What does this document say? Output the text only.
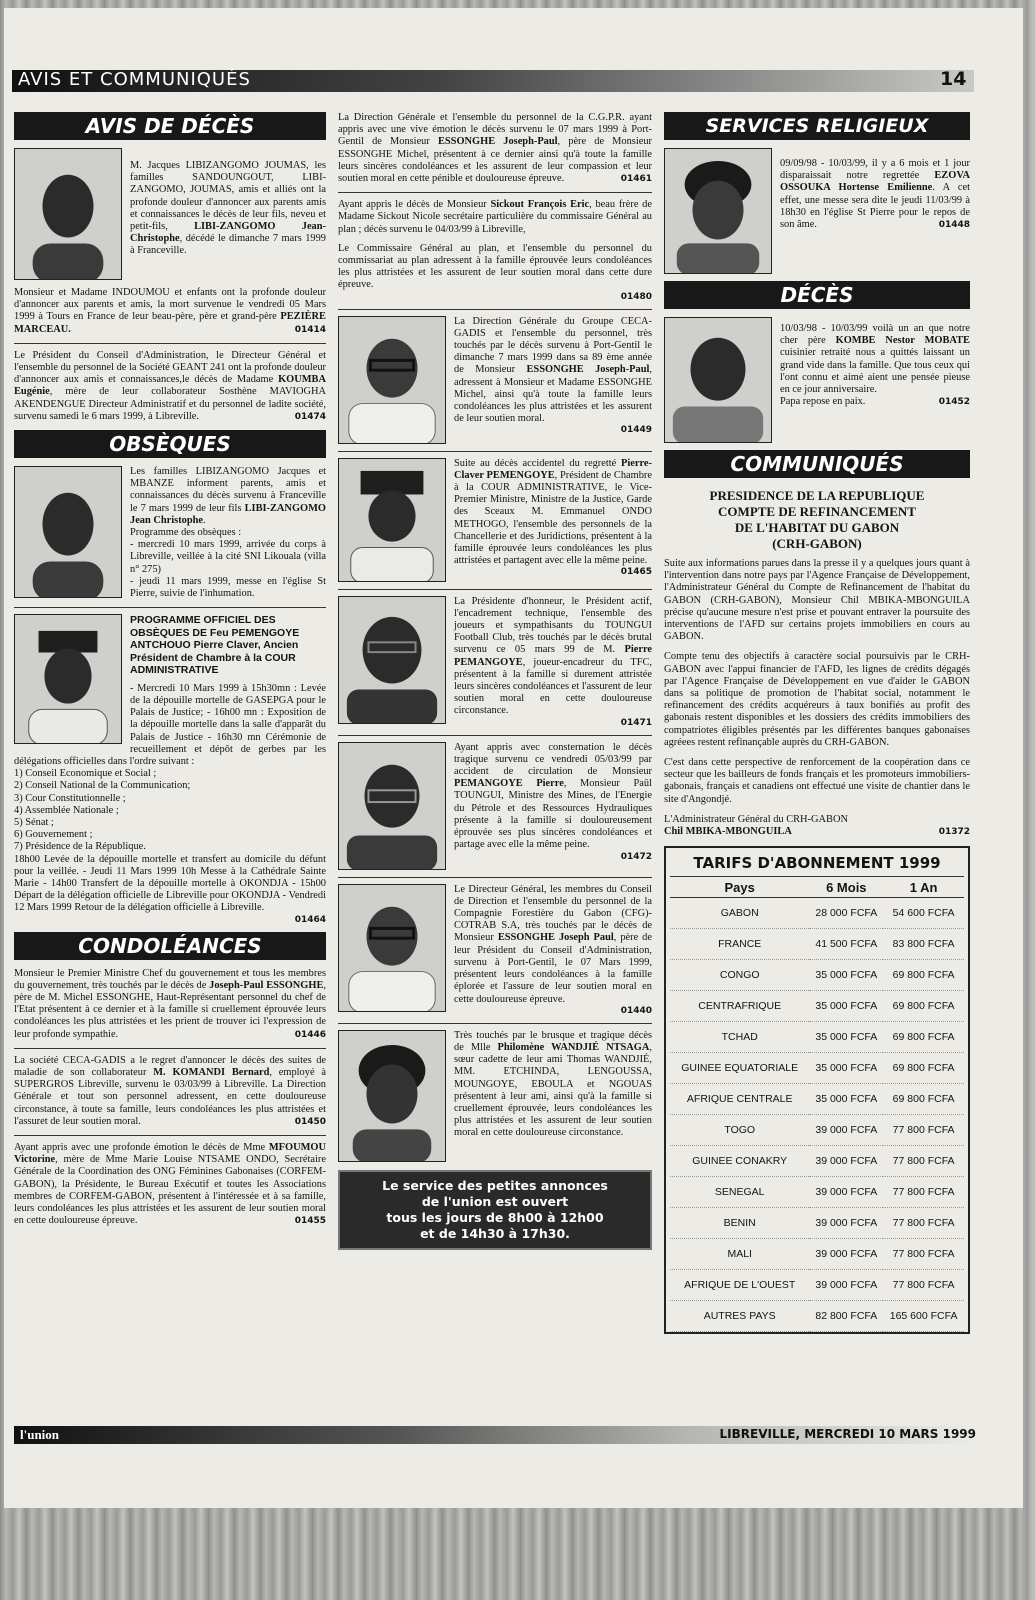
AVIS ET COMMUNIQUÉS	14
AVIS DE DÉCÈS

M. Jacques LIBIZANGOMO JOUMAS, les familles SANDOUNGOUT, LIBI-ZANGOMO, JOUMAS, amis et alliés ont la profonde douleur d'annoncer aux parents amis et connaissances le décès de leur fils, neveu et petit-fils, LIBI-ZANGOMO Jean-Christophe, décédé le dimanche 7 mars 1999 à Franceville.

Monsieur et Madame INDOUMOU et enfants ont la profonde douleur d'annoncer aux parents et amis, la mort survenue le vendredi 05 Mars 1999 à Tours en France de leur beau-père, père et grand-père PEZIÈRE MARCEAU.	01414

Le Président du Conseil d'Administration, le Directeur Général et l'ensemble du personnel de la Société GEANT 241 ont la profonde douleur d'annoncer aux amis et connaissances,le décès de Madame KOUMBA Eugénie, mère de leur collaborateur Sosthène MAVIOGHA AKENDENGUE Directeur Administratif et du personnel de ladite société, survenu samedi le 6 mars 1999, à Libreville.	01474

OBSÈQUES

Les familles LIBIZANGOMO Jacques et MBANZE informent parents, amis et connaissances du décès survenu à Franceville le 7 mars 1999 de leur fils LIBI-ZANGOMO Jean Christophe.

Programme des obsèques :

- mercredi 10 mars 1999, arrivée du corps à Libreville, veillée à la cité SNI Likouala (villa n° 275)

- jeudi 11 mars 1999, messe en l'église St Pierre, suivie de l'inhumation.

PROGRAMME OFFICIEL DES OBSÈQUES DE Feu PEMENGOYE ANTCHOUO Pierre Claver, Ancien Président de Chambre à la COUR ADMINISTRATIVE

- Mercredi 10 Mars 1999 à 15h30mn : Levée de la dépouille mortelle de GASEPGA pour le Palais de Justice; - 16h00 mn : Exposition de la dépouille mortelle dans la salle d'apparât du Palais de Justice - 16h30 mn Cérémonie de recueillement et dépôt de gerbes par les délégations officielles dans l'ordre suivant :

1) Conseil Economique et Social ;

2) Conseil National de la Communication;

3) Cour Constitutionnelle ;

4) Assemblée Nationale ;

5) Sénat ;

6) Gouvernement ;

7) Présidence de la République.

18h00 Levée de la dépouille mortelle et transfert au domicile du défunt pour la veillée. - Jeudi 11 Mars 1999 10h Messe à la Cathédrale Sainte Marie - 14h00 Transfert de la dépouille mortelle à OKONDJA - 15h00 Départ de la délégation officielle de Libreville pour OKONDJA - Vendredi 12 Mars 1999 Retour de la délégation officielle à Libreville.

01464
CONDOLÉANCES

Monsieur le Premier Ministre Chef du gouvernement et tous les membres du gouvernement, très touchés par le décès de Joseph-Paul ESSONGHE, père de M. Michel ESSONGHE, Haut-Représentant personnel du chef de l'Etat présentent à ce dernier et à la famille si cruellement éprouvée leurs condoléances les plus attristées et les prient de trouver ici l'expression de leur profonde sympathie.	01446

La société CECA-GADIS a le regret d'annoncer le décès des suites de maladie de son collaborateur M. KOMANDI Bernard, employé à SUPERGROS Libreville, survenu le 03/03/99 à Libreville. La Direction Générale et tout son personnel adressent, en cette douloureuse circonstance, à toute sa famille, leurs condoléances les plus attristées et l'assuret de leur soutien moral.	01450

Ayant appris avec une profonde émotion le décès de Mme MFOUMOU Victorine, mère de Mme Marie Louise NTSAME ONDO, Secrétaire Générale de la Coordination des ONG Féminines Gabonaises (CORFEM-GABON), la Présidente, le Bureau Exécutif et toutes les Associations membres de CORFEM-GABON, présentent à l'intéressée et à sa famille, leurs condoléances les plus attristées et les assurent de leur soutien moral en cette douloureuse épreuve.	01455

La Direction Générale et l'ensemble du personnel de la C.G.P.R. ayant appris avec une vive émotion le décès survenu le 07 mars 1999 à Port-Gentil de Monsieur ESSONGHE Joseph-Paul, père de Monsieur ESSONGHE Michel, présentent à ce dernier ainsi qu'à toute la famille leurs sincères condoléances et les assurent de leur compassion et leur soutien moral en cette pénible et douloureuse épreuve.	01461

Ayant appris le décès de Monsieur Sickout François Eric, beau frère de Madame Sickout Nicole secrétaire particulière du commissaire Général au plan ; décès survenu le 04/03/99 à Libreville,

Le Commissaire Général au plan, et l'ensemble du personnel du commissariat au plan adressent à la famille éprouvée leurs condoléances les plus attristées et les assurent de leur soutien moral dans cette dure épreuve.

01480

La Direction Générale du Groupe CECA-GADIS et l'ensemble du personnel, très touchés par le décès survenu à Port-Gentil le dimanche 7 mars 1999 dans sa 89 ème année de Monsieur ESSONGHE Joseph-Paul, adressent à Monsieur et Madame ESSONGHE Michel, ainsi qu'à toute la famille leurs condoléances les plus attristées et les assurent de leur soutien moral.

01449

Suite au décès accidentel du regretté Pierre-Claver PEMENGOYE, Président de Chambre à la COUR ADMINISTRATIVE, le Vice-Premier Ministre, Ministre de la Justice, Garde des Sceaux M. Emmanuel ONDO METHOGO, l'ensemble des personnels de la Chancellerie et des Juridictions, présentent à la famille éprouvée leurs condoléances les plus attristées et partagent avec elle la même peine.

01465

La Présidente d'honneur, le Président actif, l'encadrement technique, l'ensemble des joueurs et sympathisants du TOUNGUI Football Club, très touchés par le décès brutal survenu ce 05 mars 99 de M. Pierre PEMANGOYE, joueur-encadreur du TFC, présentent à la famille si durement attristée leurs sincères condoléances et l'assurent de leur soutien moral en cette douloureuse circonstance.

01471

Ayant appris avec consternation le décès tragique survenu ce vendredi 05/03/99 par accident de circulation de Monsieur PEMANGOYE Pierre, Monsieur Paûl TOUNGUI, Ministre des Mines, de l'Energie du Pétrole et des Ressources Hydrauliques présente à la famille si douloureusement éprouvée ses plus sincères condoléances et partage avec elle la même peine.

01472

Le Directeur Général, les membres du Conseil de Direction et l'ensemble du personnel de la Compagnie Forestière du Gabon (CFG)-COTRAB S.A, très touchés par le décès de Monsieur ESSONGHE Joseph Paul, père de leur Président du Conseil d'Administration, survenu à Port-Gentil, le 07 Mars 1999, présentent leurs condoléances à la famille éplorée et l'assure de leur soutien moral en cette douloureuse épreuve.

01440

Très touchés par le brusque et tragique décès de Mlle Philomène WANDJIÉ NTSAGA, sœur cadette de leur ami Thomas WANDJIÉ, MM. ETCHINDA, LENGOUSSA, MOUNGOYE, EBOULA et NGOUAS présentent à leur ami, ainsi qu'à la famille si cruellement éprouvée, leurs condoléances les plus attristées et les assurent de leur soutien moral en cette douloureuse circonstance.

Le service des petites annonces
de l'union est ouvert
tous les jours de 8h00 à 12h00
et de 14h30 à 17h30.
SERVICES RELIGIEUX

09/09/98 - 10/03/99, il y a 6 mois et 1 jour disparaissait notre regrettée EZOVA OSSOUKA Hortense Emilienne. A cet effet, une messe sera dite le jeudi 11/03/99 à 18h30 en l'église St Pierre pour le repos de son âme.	01448

DÉCÈS

10/03/98 - 10/03/99 voilà un an que notre cher père KOMBE Nestor MOBATE cuisinier retraité nous a quittés laissant un grand vide dans la famille. Que tous ceux qui l'ont connu et aimé aient une pensée pieuse en ce jour anniversaire.

Papa repose en paix.	01452

COMMUNIQUÉS
PRESIDENCE DE LA REPUBLIQUE
COMPTE DE REFINANCEMENT
DE L'HABITAT DU GABON
(CRH-GABON)

Suite aux informations parues dans la presse il y a quelques jours quant à l'intervention dans notre pays par l'Agence Française de Développement, l'Administrateur Général du Compte de Refinancement de l'habitat du GABON (CRH-GABON), Monsieur Chil MBIKA-MBONGUILA précise qu'aucune mesure n'est prise et pouvant entraver la poursuite des interventions de l'AFD sur certains projets immobiliers en cours au GABON.

Compte tenu des objectifs à caractère social poursuivis par le CRH-GABON avec l'appui financier de l'AFD, les lignes de crédits dégagés par l'Agence Française de Développement en vue d'aider le GABON dans sa politique de promotion de l'habitat social, notamment le refinancement des crédits acquéreurs à taux bonifiés au profit des gabonais restent disponibles et les dossiers des crédits immobiliers des compatriotes éligibles présentés par les différentes banques gabonaises agréees restent refinançable auprès du CRH-GABON.

C'est dans cette perspective de renforcement de la coopération dans ce secteur que les bailleurs de fonds français et les promoteurs immobiliers-gabonais, français et canadiens ont effectué une visite de chantier dans le site d'Angondjé.

L'Administrateur Général du CRH-GABON

Chil MBIKA-MBONGUILA	01372

TARIFS D'ABONNEMENT 1999
Pays	6 Mois	1 An
GABON	28 000 FCFA	54 600 FCFA
FRANCE	41 500 FCFA	83 800 FCFA
CONGO	35 000 FCFA	69 800 FCFA
CENTRAFRIQUE	35 000 FCFA	69 800 FCFA
TCHAD	35 000 FCFA	69 800 FCFA
GUINEE EQUATORIALE	35 000 FCFA	69 800 FCFA
AFRIQUE CENTRALE	35 000 FCFA	69 800 FCFA
TOGO	39 000 FCFA	77 800 FCFA
GUINEE CONAKRY	39 000 FCFA	77 800 FCFA
SENEGAL	39 000 FCFA	77 800 FCFA
BENIN	39 000 FCFA	77 800 FCFA
MALI	39 000 FCFA	77 800 FCFA
AFRIQUE DE L'OUEST	39 000 FCFA	77 800 FCFA
AUTRES PAYS	82 800 FCFA	165 600 FCFA
l'union	LIBREVILLE, MERCREDI 10 MARS 1999
